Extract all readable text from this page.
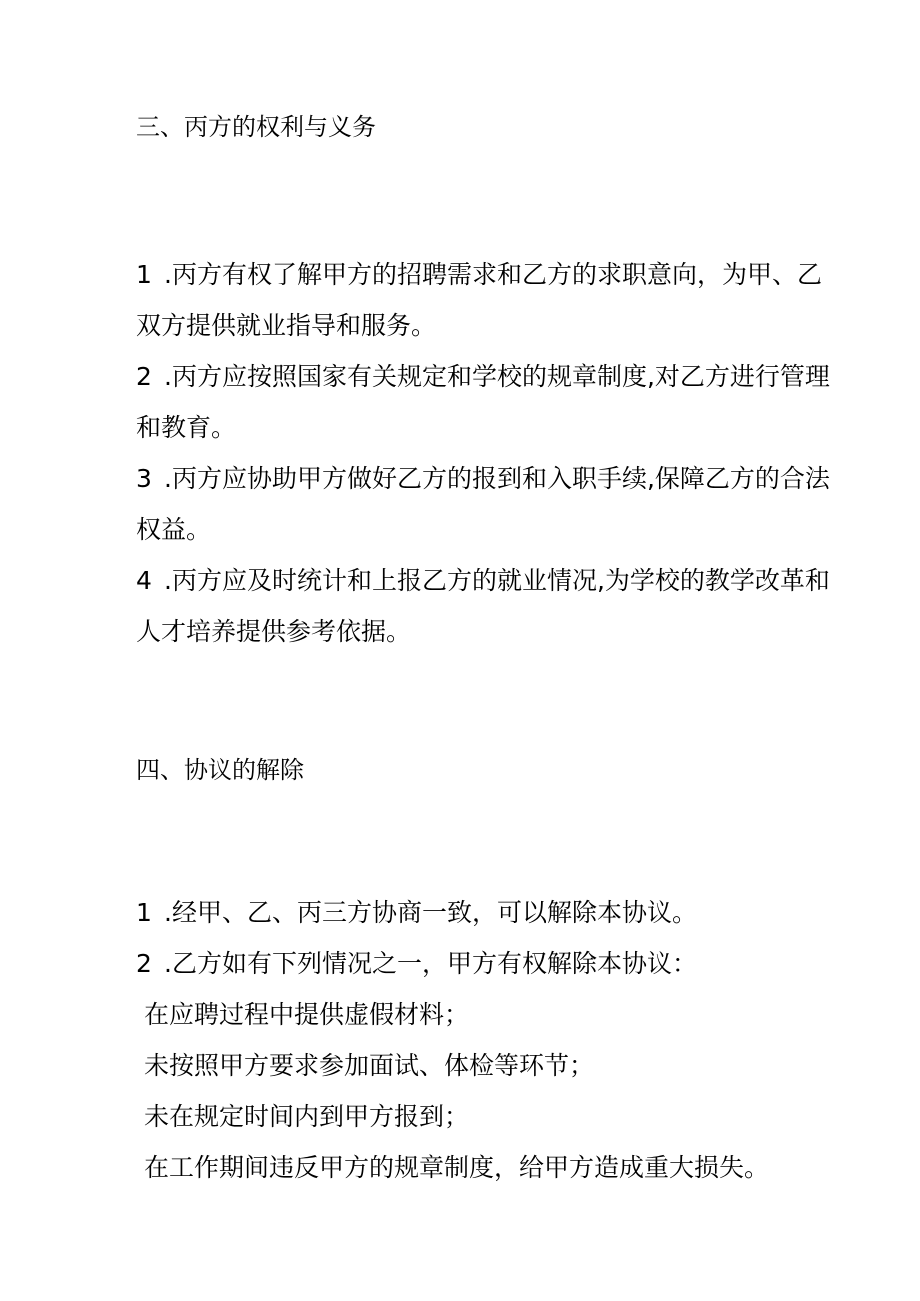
三、丙方的权利与义务
1 .丙方有权了解甲方的招聘需求和乙方的求职意向，为甲、乙
双方提供就业指导和服务。
2 .丙方应按照国家有关规定和学校的规章制度,对乙方进行管理
和教育。
3 .丙方应协助甲方做好乙方的报到和入职手续,保障乙方的合法
权益。
4 .丙方应及时统计和上报乙方的就业情况,为学校的教学改革和
人才培养提供参考依据。
四、协议的解除
1 .经甲、乙、丙三方协商一致，可以解除本协议。
2 .乙方如有下列情况之一，甲方有权解除本协议：
在应聘过程中提供虚假材料；
未按照甲方要求参加面试、体检等环节；
未在规定时间内到甲方报到；
在工作期间违反甲方的规章制度，给甲方造成重大损失。
